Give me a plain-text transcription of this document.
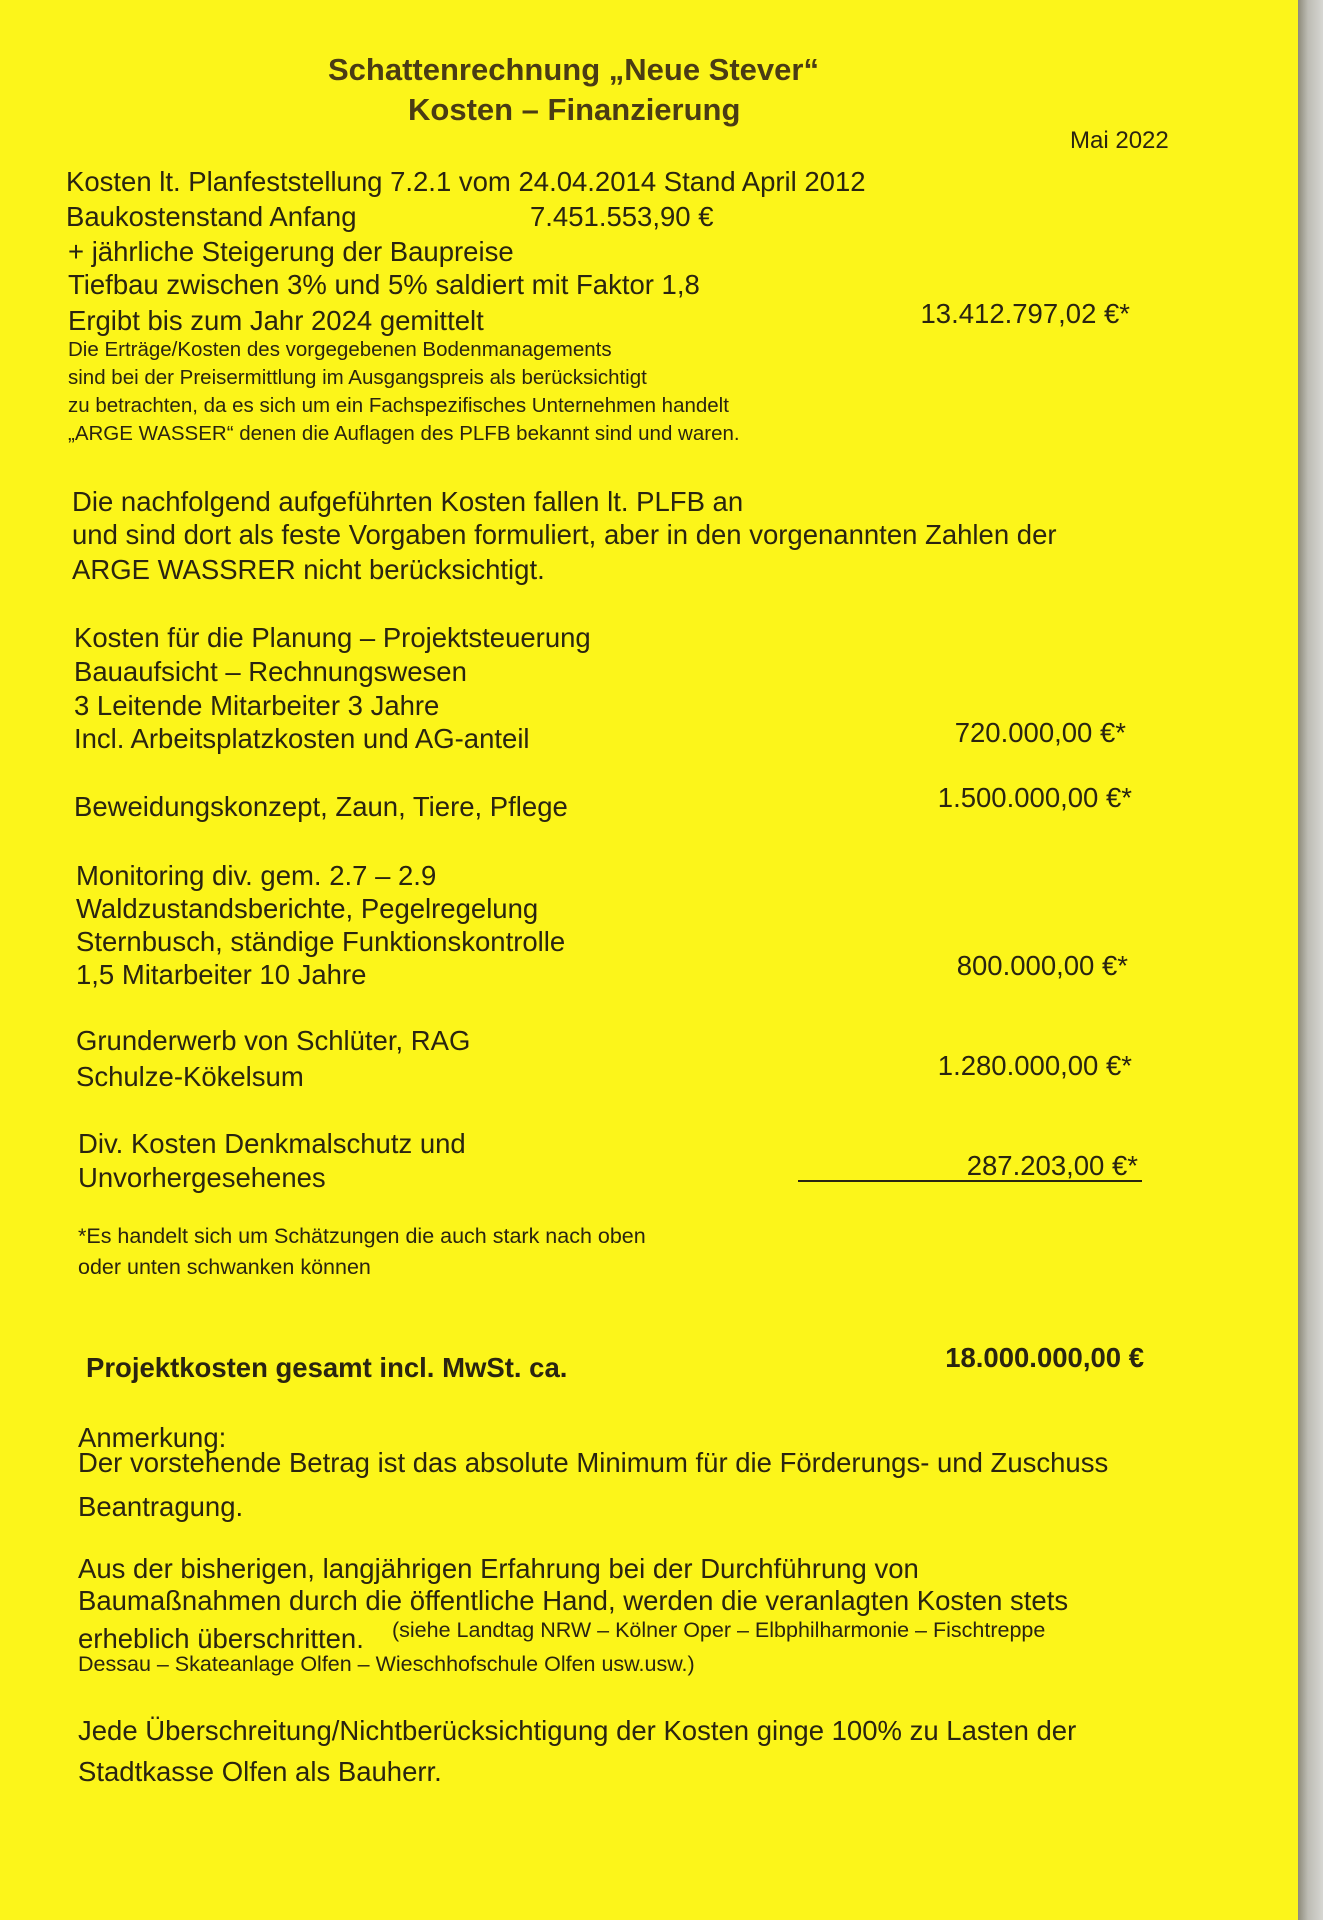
Schattenrechnung „Neue Stever“
Kosten – Finanzierung
Mai 2022
Kosten lt. Planfeststellung 7.2.1 vom 24.04.2014 Stand April 2012
Baukostenstand Anfang	7.451.553,90 €
+ jährliche Steigerung der Baupreise
Tiefbau zwischen 3% und 5% saldiert mit Faktor 1,8
Ergibt bis zum Jahr 2024 gemittelt	13.412.797,02 €*
Die Erträge/Kosten des vorgegebenen Bodenmanagements
sind bei der Preisermittlung im Ausgangspreis als berücksichtigt
zu betrachten, da es sich um ein Fachspezifisches Unternehmen handelt
„ARGE WASSER“ denen die Auflagen des PLFB bekannt sind und waren.
Die nachfolgend aufgeführten Kosten fallen lt. PLFB an
und sind dort als feste Vorgaben formuliert, aber in den vorgenannten Zahlen der
ARGE WASSRER nicht berücksichtigt.
Kosten für die Planung – Projektsteuerung
Bauaufsicht – Rechnungswesen
3 Leitende Mitarbeiter 3 Jahre
Incl. Arbeitsplatzkosten und AG-anteil	720.000,00 €*
Beweidungskonzept, Zaun, Tiere, Pflege	1.500.000,00 €*
Monitoring div. gem. 2.7 – 2.9
Waldzustandsberichte, Pegelregelung
Sternbusch, ständige Funktionskontrolle
1,5 Mitarbeiter 10 Jahre	800.000,00 €*
Grunderwerb von Schlüter, RAG
Schulze-Kökelsum	1.280.000,00 €*
Div. Kosten Denkmalschutz und
Unvorhergesehenes	287.203,00 €*
*Es handelt sich um Schätzungen die auch stark nach oben
oder unten schwanken können
Projektkosten gesamt incl. MwSt. ca.	18.000.000,00 €
Anmerkung:
Der vorstehende Betrag ist das absolute Minimum für die Förderungs- und Zuschuss
Beantragung.
Aus der bisherigen, langjährigen Erfahrung bei der Durchführung von
Baumaßnahmen durch die öffentliche Hand, werden die veranlagten Kosten stets
erheblich überschritten. (siehe Landtag NRW – Kölner Oper – Elbphilharmonie – Fischtreppe
Dessau – Skateanlage Olfen – Wieschhofschule Olfen usw.usw.)
Jede Überschreitung/Nichtberücksichtigung der Kosten ginge 100% zu Lasten der
Stadtkasse Olfen als Bauherr.
